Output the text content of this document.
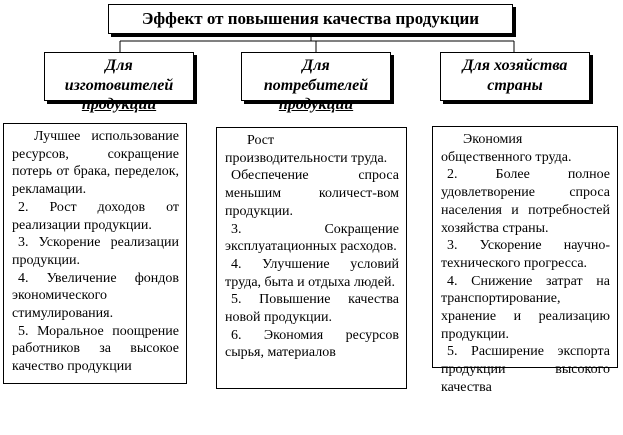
Эффект от повышения качества продукции
Для
изготовителей
продукции
Для
потребителей
продукции
Для хозяйства
страны

Лучшее использование ресурсов, сокращение потерь от брака, переделок, рекламации.

2. Рост доходов от реализации продукции.

3. Ускорение реализации продукции.

4. Увеличение фондов экономического стимулирования.

5. Моральное поощрение работников за высокое качество продукции

Рост производительности труда.

Обеспечение спроса меньшим количест-вом продукции.

3. Сокращение эксплуатационных расходов.

4. Улучшение условий труда, быта и отдыха людей.

5. Повышение качества новой продукции.

6. Экономия ресурсов сырья, материалов

Экономия общественного труда.

2. Более полное удовлетворение спроса населения и потребностей хозяйства страны.

3. Ускорение научно-технического прогресса.

4. Снижение затрат на транспортирование, хранение и реализацию продукции.

5. Расширение экспорта продукции высокого качества
